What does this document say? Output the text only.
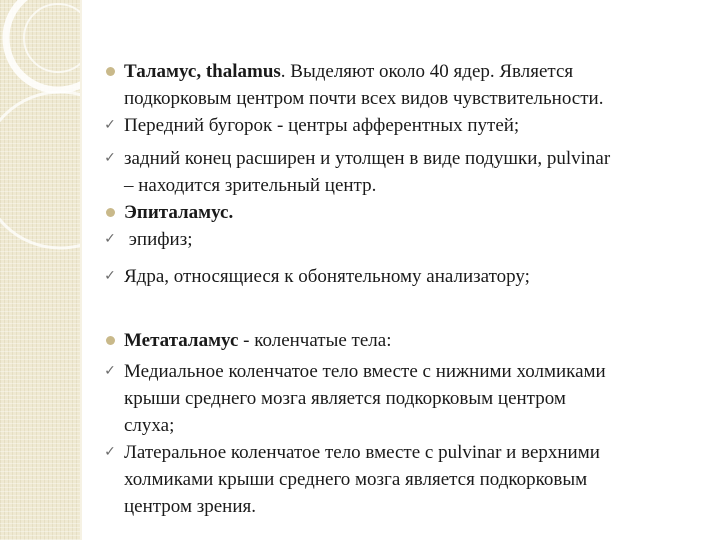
Таламус, thalamus. Выделяют около 40 ядер. Является
подкорковым центром почти всех видов чувствительности.
✓ Передний бугорок - центры афферентных путей;
✓ задний конец расширен и утолщен в виде подушки, pulvinar
– находится зрительный центр.
Эпиталамус.
✓ эпифиз;
✓ Ядра, относящиеся к обонятельному анализатору;
Метаталамус - коленчатые тела:
✓ Медиальное коленчатое тело вместе с нижними холмиками
крыши среднего мозга является подкорковым центром
слуха;
✓ Латеральное коленчатое тело вместе с pulvinar и верхними
холмиками крыши среднего мозга является подкорковым
центром зрения.
